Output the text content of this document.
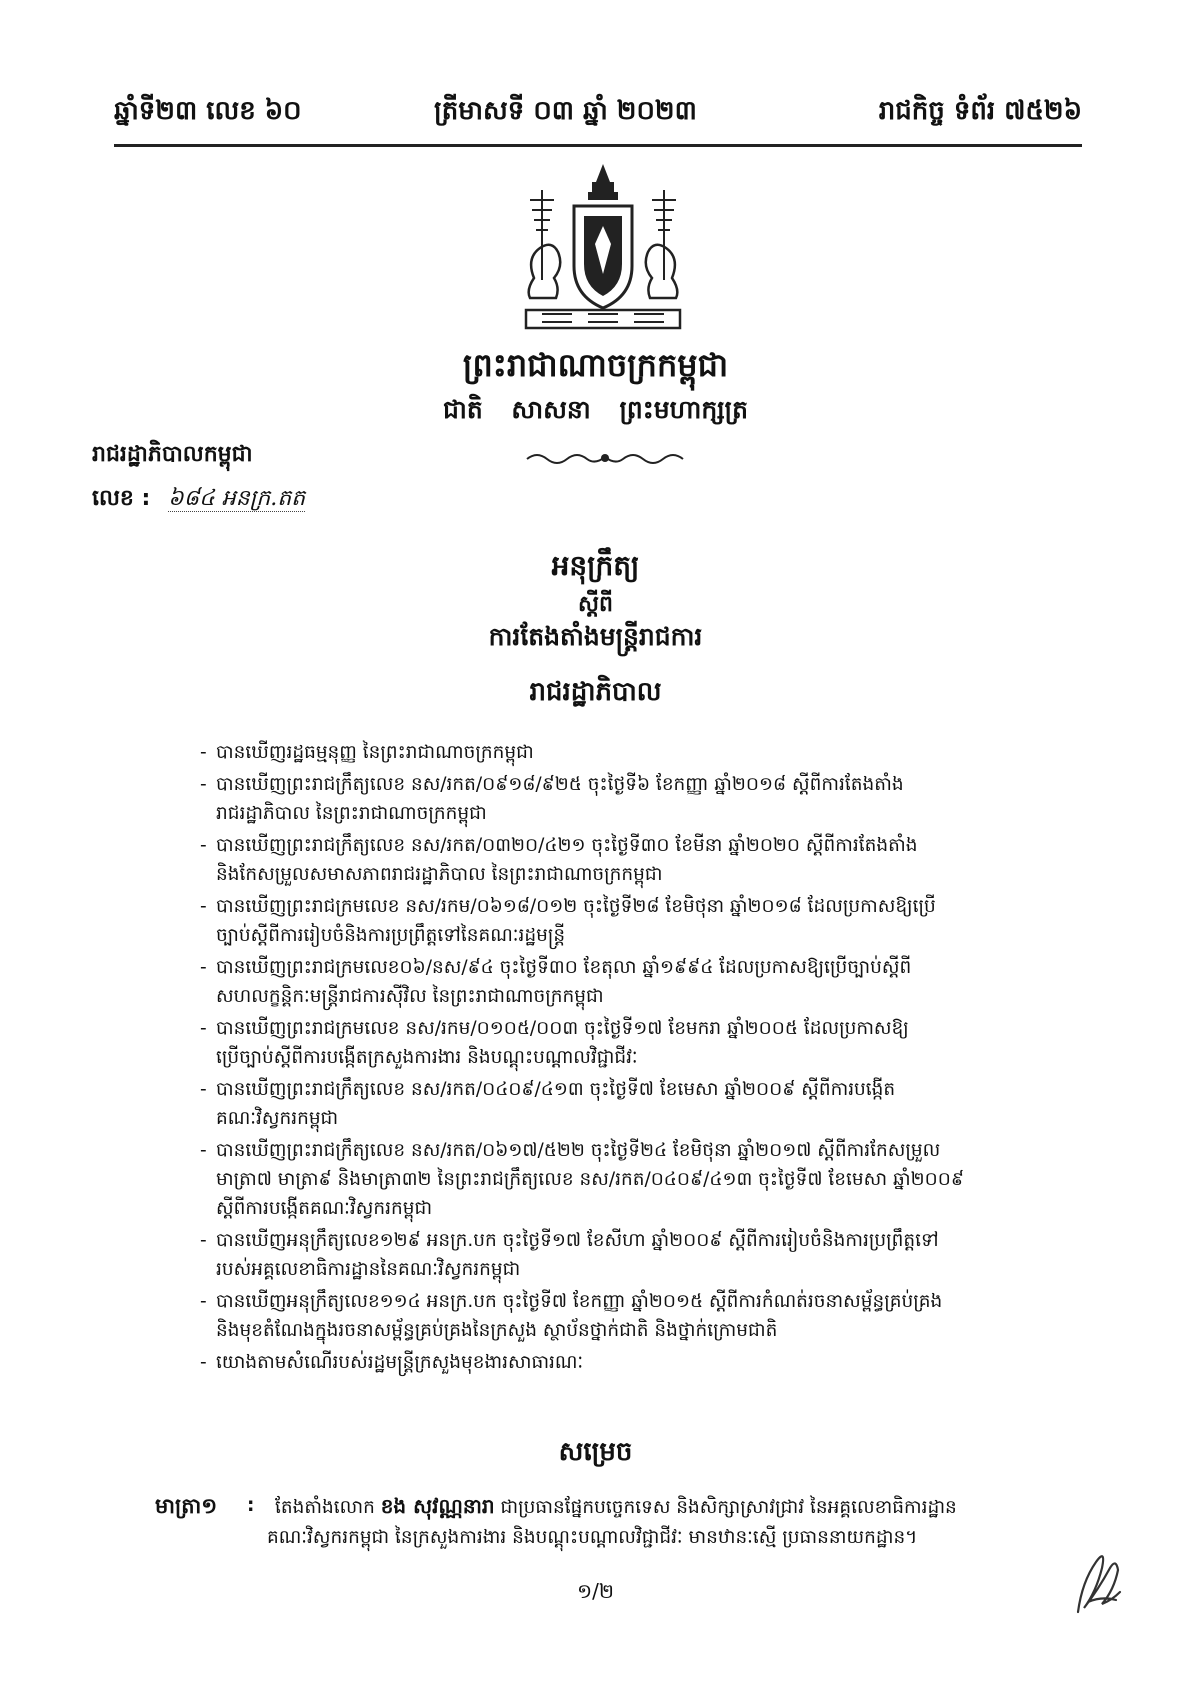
ឆ្នាំទី២៣ លេខ ៦០	ត្រីមាសទី ០៣ ឆ្នាំ ២០២៣	រាជកិច្ច ទំព័រ ៧៥២៦
ព្រះរាជាណាចក្រកម្ពុជា
ជាតិ សាសនា ព្រះមហាក្សត្រ
រាជរដ្ឋាភិបាលកម្ពុជា
លេខ : ៦៨៤ អនក្រ.តត
អនុក្រឹត្យ
ស្តីពី
ការតែងតាំងមន្ត្រីរាជការ
រាជរដ្ឋាភិបាល
- បានឃើញរដ្ឋធម្មនុញ្ញ នៃព្រះរាជាណាចក្រកម្ពុជា
- បានឃើញព្រះរាជក្រឹត្យលេខ នស/រកត/០៩១៨/៩២៥ ចុះថ្ងៃទី៦ ខែកញ្ញា ឆ្នាំ២០១៨ ស្តីពីការតែងតាំង
រាជរដ្ឋាភិបាល នៃព្រះរាជាណាចក្រកម្ពុជា
- បានឃើញព្រះរាជក្រឹត្យលេខ នស/រកត/០៣២០/៤២១ ចុះថ្ងៃទី៣០ ខែមីនា ឆ្នាំ២០២០ ស្តីពីការតែងតាំង
និងកែសម្រួលសមាសភាពរាជរដ្ឋាភិបាល នៃព្រះរាជាណាចក្រកម្ពុជា
- បានឃើញព្រះរាជក្រមលេខ នស/រកម/០៦១៨/០១២ ចុះថ្ងៃទី២៨ ខែមិថុនា ឆ្នាំ២០១៨ ដែលប្រកាសឱ្យប្រើ
ច្បាប់ស្តីពីការរៀបចំនិងការប្រព្រឹត្តទៅនៃគណៈរដ្ឋមន្ត្រី
- បានឃើញព្រះរាជក្រមលេខ០៦/នស/៩៤ ចុះថ្ងៃទី៣០ ខែតុលា ឆ្នាំ១៩៩៤ ដែលប្រកាសឱ្យប្រើច្បាប់ស្តីពី
សហលក្ខន្តិកៈមន្ត្រីរាជការស៊ីវិល នៃព្រះរាជាណាចក្រកម្ពុជា
- បានឃើញព្រះរាជក្រមលេខ នស/រកម/០១០៥/០០៣ ចុះថ្ងៃទី១៧ ខែមករា ឆ្នាំ២០០៥ ដែលប្រកាសឱ្យ
ប្រើច្បាប់ស្តីពីការបង្កើតក្រសួងការងារ និងបណ្តុះបណ្តាលវិជ្ជាជីវៈ
- បានឃើញព្រះរាជក្រឹត្យលេខ នស/រកត/០៤០៩/៤១៣ ចុះថ្ងៃទី៧ ខែមេសា ឆ្នាំ២០០៩ ស្តីពីការបង្កើត
គណៈវិស្វករកម្ពុជា
- បានឃើញព្រះរាជក្រឹត្យលេខ នស/រកត/០៦១៧/៥២២ ចុះថ្ងៃទី២៤ ខែមិថុនា ឆ្នាំ២០១៧ ស្តីពីការកែសម្រួល
មាត្រា៧ មាត្រា៩ និងមាត្រា៣២ នៃព្រះរាជក្រឹត្យលេខ នស/រកត/០៤០៩/៤១៣ ចុះថ្ងៃទី៧ ខែមេសា ឆ្នាំ២០០៩
ស្តីពីការបង្កើតគណៈវិស្វករកម្ពុជា
- បានឃើញអនុក្រឹត្យលេខ១២៩ អនក្រ.បក ចុះថ្ងៃទី១៧ ខែសីហា ឆ្នាំ២០០៩ ស្តីពីការរៀបចំនិងការប្រព្រឹត្តទៅ
របស់អគ្គលេខាធិការដ្ឋាននៃគណៈវិស្វករកម្ពុជា
- បានឃើញអនុក្រឹត្យលេខ១១៤ អនក្រ.បក ចុះថ្ងៃទី៧ ខែកញ្ញា ឆ្នាំ២០១៥ ស្តីពីការកំណត់រចនាសម្ព័ន្ធគ្រប់គ្រង
និងមុខតំណែងក្នុងរចនាសម្ព័ន្ធគ្រប់គ្រងនៃក្រសួង ស្ថាប័នថ្នាក់ជាតិ និងថ្នាក់ក្រោមជាតិ
- យោងតាមសំណើរបស់រដ្ឋមន្ត្រីក្រសួងមុខងារសាធារណៈ
សម្រេច
មាត្រា១ : តែងតាំងលោក ខង សុវណ្ណនារា ជាប្រធានផ្នែកបច្ចេកទេស និងសិក្សាស្រាវជ្រាវ នៃអគ្គលេខាធិការដ្ឋាន
គណៈវិស្វករកម្ពុជា នៃក្រសួងការងារ និងបណ្តុះបណ្តាលវិជ្ជាជីវៈ មានឋានៈស្មើ ប្រធាននាយកដ្ឋាន។
១/២
